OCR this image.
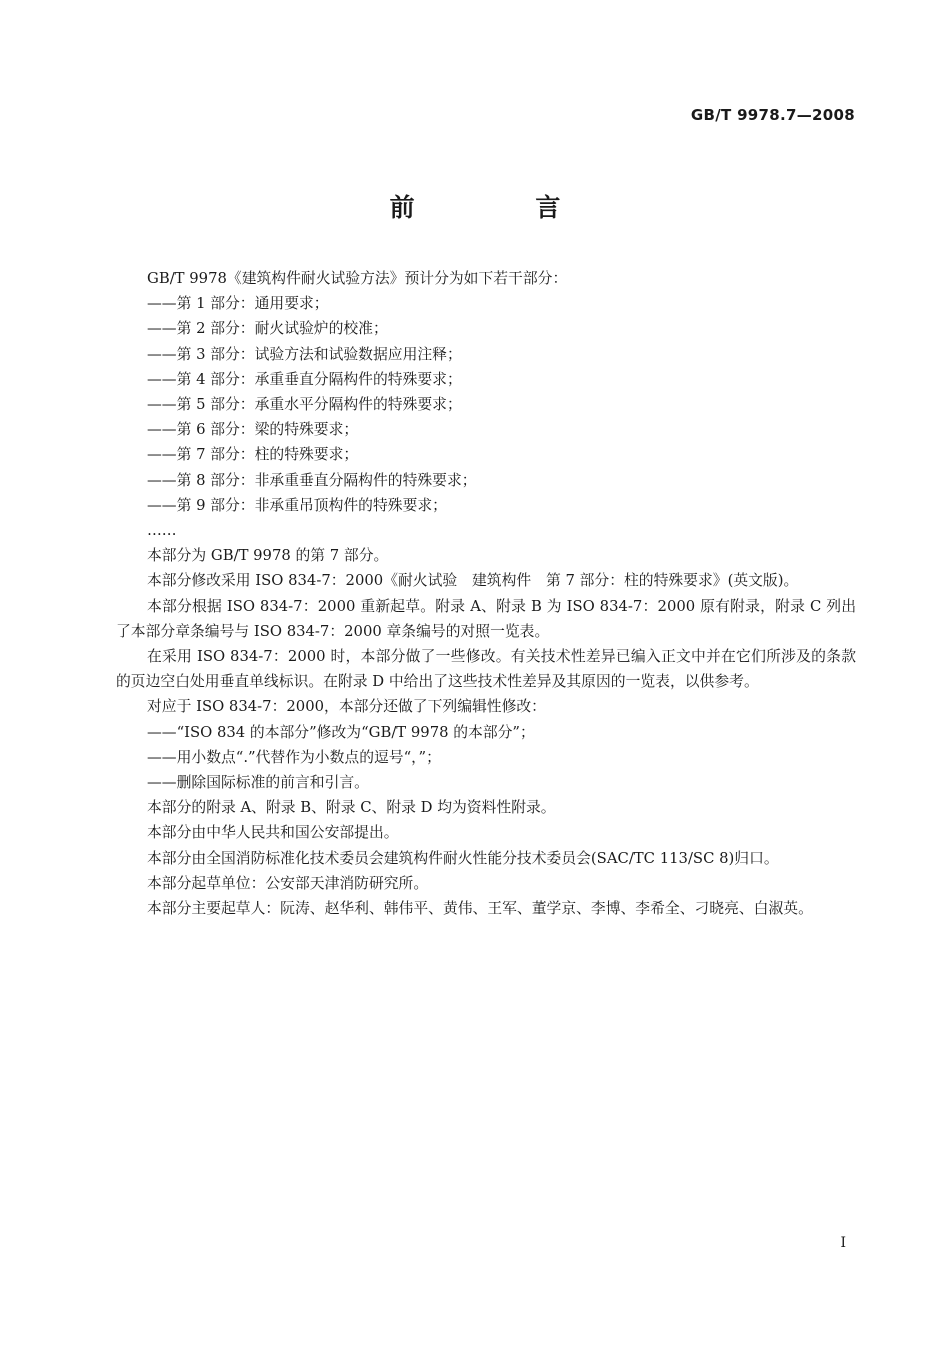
GB/T 9978.7—2008
前 言

GB/T 9978《建筑构件耐火试验方法》预计分为如下若干部分：

——第 1 部分：通用要求；

——第 2 部分：耐火试验炉的校准；

——第 3 部分：试验方法和试验数据应用注释；

——第 4 部分：承重垂直分隔构件的特殊要求；

——第 5 部分：承重水平分隔构件的特殊要求；

——第 6 部分：梁的特殊要求；

——第 7 部分：柱的特殊要求；

——第 8 部分：非承重垂直分隔构件的特殊要求；

——第 9 部分：非承重吊顶构件的特殊要求；

……

本部分为 GB/T 9978 的第 7 部分。

本部分修改采用 ISO 834-7：2000《耐火试验　建筑构件　第 7 部分：柱的特殊要求》(英文版)。

本部分根据 ISO 834-7：2000 重新起草。附录 A、附录 B 为 ISO 834-7：2000 原有附录，附录 C 列出了本部分章条编号与 ISO 834-7：2000 章条编号的对照一览表。

在采用 ISO 834-7：2000 时，本部分做了一些修改。有关技术性差异已编入正文中并在它们所涉及的条款的页边空白处用垂直单线标识。在附录 D 中给出了这些技术性差异及其原因的一览表，以供参考。

对应于 ISO 834-7：2000，本部分还做了下列编辑性修改：

——“ISO 834 的本部分”修改为“GB/T 9978 的本部分”；

——用小数点“.”代替作为小数点的逗号“，”；

——删除国际标准的前言和引言。

本部分的附录 A、附录 B、附录 C、附录 D 均为资料性附录。

本部分由中华人民共和国公安部提出。

本部分由全国消防标准化技术委员会建筑构件耐火性能分技术委员会(SAC/TC 113/SC 8)归口。

本部分起草单位：公安部天津消防研究所。

本部分主要起草人：阮涛、赵华利、韩伟平、黄伟、王军、董学京、李博、李希全、刁晓亮、白淑英。

I
